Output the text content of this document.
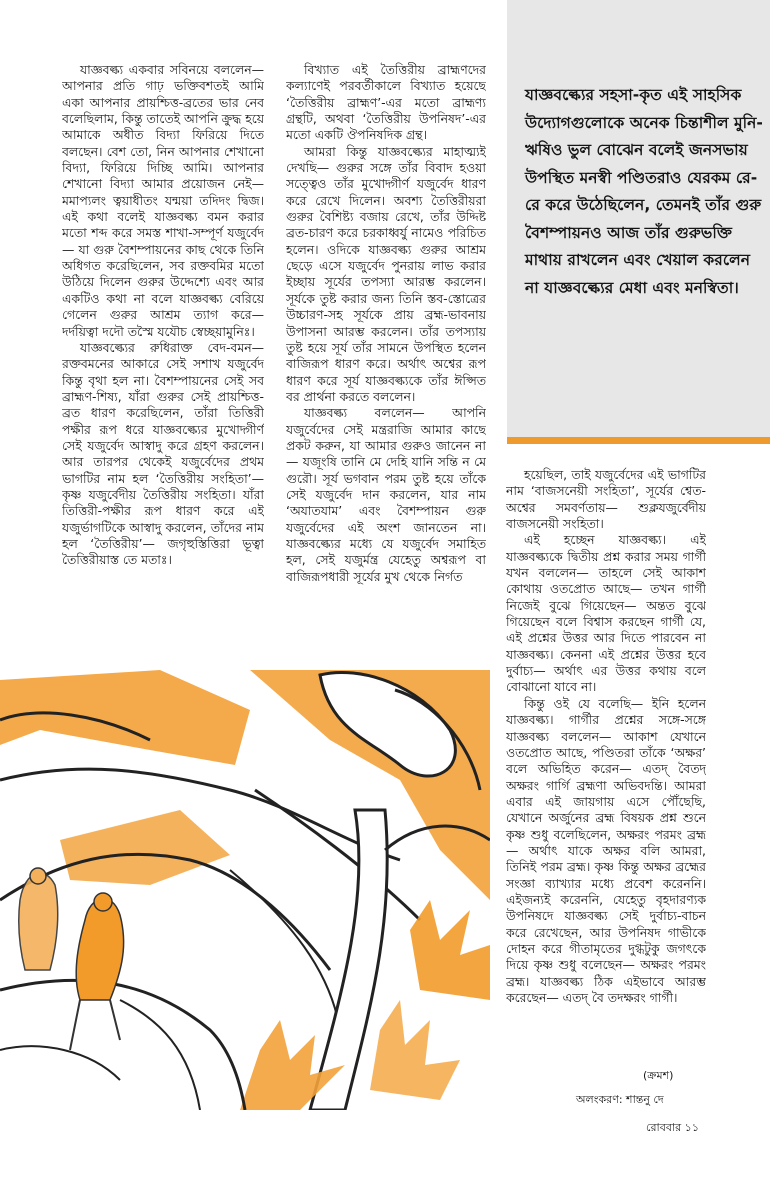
যাজ্ঞবল্ক্য একবার সবিনয়ে বললেন— আপনার প্রতি গাঢ় ভক্তিবশতই আমি একা আপনার প্রায়শ্চিত্ত-ব্রতের ভার নেব বলেছিলাম, কিন্তু তাতেই আপনি ক্রুদ্ধ হয়ে আমাকে অধীত বিদ্যা ফিরিয়ে দিতে বলছেন। বেশ তো, নিন আপনার শেখানো বিদ্যা, ফিরিয়ে দিচ্ছি আমি। আপনার শেখানো বিদ্যা আমার প্রয়োজন নেই— মমাপ্যলং ত্বয়াধীতং যন্ময়া তদিদং দ্বিজ। এই কথা বলেই যাজ্ঞবল্ক্য বমন করার মতো শব্দ করে সমস্ত শাখা-সম্পূর্ণ যজুর্বেদ— যা গুরু বৈশম্পায়নের কাছ থেকে তিনি অধিগত করেছিলেন, সব রক্তবমির মতো উঠিয়ে দিলেন গুরুর উদ্দেশ্যে এবং আর একটিও কথা না বলে যাজ্ঞবল্ক্য বেরিয়ে গেলেন গুরুর আশ্রম ত্যাগ করে— দর্দয়িত্বা দদৌ তস্মৈ যযৌচ স্বেচ্ছয়ামুনিঃ।

যাজ্ঞবল্ক্যের রুধিরাক্ত বেদ-বমন— রক্তবমনের আকারে সেই সশাখ যজুর্বেদ কিন্তু বৃথা হল না। বৈশম্পায়নের সেই সব ব্রাহ্মণ-শিষ্য, যাঁরা গুরুর সেই প্রায়শ্চিত্ত-ব্রত ধারণ করেছিলেন, তাঁরা তিত্তিরী পক্ষীর রূপ ধরে যাজ্ঞবল্ক্যের মুখোদ্গীর্ণ সেই যজুর্বেদ আস্বাদু করে গ্রহণ করলেন। আর তারপর থেকেই যজুর্বেদের প্রথম ভাগটির নাম হল ‘তৈত্তিরীয় সংহিতা’— কৃষ্ণ যজুর্বেদীয় তৈত্তিরীয় সংহিতা। যাঁরা তিত্তিরী-পক্ষীর রূপ ধারণ করে এই যজুর্ভাগটিকে আস্বাদু করলেন, তাঁদের নাম হল ‘তৈত্তিরীয়’— জগৃহুস্তিত্তিরা ভূত্বা তৈত্তিরীয়াস্ত তে মতাঃ।

বিখ্যাত এই তৈত্তিরীয় ব্রাহ্মণদের কল্যাণেই পরবর্তীকালে বিখ্যাত হয়েছে ‘তৈত্তিরীয় ব্রাহ্মণ’-এর মতো ব্রাহ্মণ্য গ্রন্থটি, অথবা ‘তৈত্তিরীয় উপনিষদ’-এর মতো একটি ঔপনিষদিক গ্রন্থ।

আমরা কিন্তু যাজ্ঞবল্ক্যের মাহাত্ম্যই দেখছি— গুরুর সঙ্গে তাঁর বিবাদ হওয়া সত্ত্বেও তাঁর মুখোদ্গীর্ণ যজুর্বেদ ধারণ করে রেখে দিলেন। অবশ্য তৈত্তিরীয়রা গুরুর বৈশিষ্ট্য বজায় রেখে, তাঁর উদ্দিষ্ট ব্রত-চারণ করে চরকাধ্বর্যু নামেও পরিচিত হলেন। ওদিকে যাজ্ঞবল্ক্য গুরুর আশ্রম ছেড়ে এসে যজুর্বেদ পুনরায় লাভ করার ইচ্ছায় সূর্যের তপস্যা আরম্ভ করলেন। সূর্যকে তুষ্ট করার জন্য তিনি স্তব-স্তোত্রের উচ্চারণ-সহ সূর্যকে প্রায় ব্রহ্ম-ভাবনায় উপাসনা আরম্ভ করলেন। তাঁর তপস্যায় তুষ্ট হয়ে সূর্য তাঁর সামনে উপস্থিত হলেন বাজিরূপ ধারণ করে। অর্থাৎ অশ্বের রূপ ধারণ করে সূর্য যাজ্ঞবল্ক্যকে তাঁর ঈপ্সিত বর প্রার্থনা করতে বললেন।

যাজ্ঞবল্ক্য বললেন— আপনি যজুর্বেদের সেই মন্ত্ররাজি আমার কাছে প্রকট করুন, যা আমার গুরুও জানেন না— যজূংষি তানি মে দেহি যানি সন্তি ন মে গুরৌ। সূর্য ভগবান পরম তুষ্ট হয়ে তাঁকে সেই যজুর্বেদ দান করলেন, যার নাম ‘অযাতযাম’ এবং বৈশম্পায়ন গুরু যজুর্বেদের এই অংশ জানতেন না। যাজ্ঞবল্ক্যের মধ্যে যে যজুর্বেদ সমাহিত হল, সেই যজুর্মন্ত্র যেহেতু অশ্বরূপ বা বাজিরূপধারী সূর্যের মুখ থেকে নির্গত

যাজ্ঞবল্ক্যের সহসা-কৃত এই সাহসিক উদ্যোগগুলোকে অনেক চিন্তাশীল মুনি-ঋষিও ভুল বোঝেন বলেই জনসভায় উপস্থিত মনস্বী পণ্ডিতরাও যেরকম রে-রে করে উঠেছিলেন, তেমনই তাঁর গুরু বৈশম্পায়নও আজ তাঁর গুরুভক্তি মাথায় রাখলেন এবং খেয়াল করলেন না যাজ্ঞবল্ক্যের মেধা এবং মনস্বিতা।

হয়েছিল, তাই যজুর্বেদের এই ভাগটির নাম ‘বাজসনেয়ী সংহিতা’, সূর্যের শ্বেত-অশ্বের সমবর্ণতায়— শুক্লযজুর্বেদীয় বাজসনেয়ী সংহিতা।

এই হচ্ছেন যাজ্ঞবল্ক্য। এই যাজ্ঞবল্ক্যকে দ্বিতীয় প্রশ্ন করার সময় গার্গী যখন বললেন— তাহলে সেই আকাশ কোথায় ওতপ্রোত আছে— তখন গার্গী নিজেই বুঝে গিয়েছেন— অন্তত বুঝে গিয়েছেন বলে বিশ্বাস করছেন গার্গী যে, এই প্রশ্নের উত্তর আর দিতে পারবেন না যাজ্ঞবল্ক্য। কেননা এই প্রশ্নের উত্তর হবে দুর্বাচ্য— অর্থাৎ এর উত্তর কথায় বলে বোঝানো যাবে না।

কিন্তু ওই যে বলেছি— ইনি হলেন যাজ্ঞবল্ক্য। গার্গীর প্রশ্নের সঙ্গে-সঙ্গে যাজ্ঞবল্ক্য বললেন— আকাশ যেখানে ওতপ্রোত আছে, পণ্ডিতরা তাঁকে ‘অক্ষর’ বলে অভিহিত করেন— এতদ্ বৈতদ্ অক্ষরং গার্গি ব্রহ্মণা অভিবদন্তি। আমরা এবার এই জায়গায় এসে পৌঁছেছি, যেখানে অর্জুনের ব্রহ্ম বিষয়ক প্রশ্ন শুনে কৃষ্ণ শুধু বলেছিলেন, অক্ষরং পরমং ব্রহ্ম— অর্থাৎ যাকে অক্ষর বলি আমরা, তিনিই পরম ব্রহ্ম। কৃষ্ণ কিন্তু অক্ষর ব্রহ্মের সংজ্ঞা ব্যাখ্যার মধ্যে প্রবেশ করেননি। এইজন্যই করেননি, যেহেতু বৃহদারণ্যক উপনিষদে যাজ্ঞবল্ক্য সেই দুর্বাচ্য-বাচন করে রেখেছেন, আর উপনিষদ গাভীকে দোহন করে গীতামৃতের দুগ্ধটুকু জগৎকে দিয়ে কৃষ্ণ শুধু বলেছেন— অক্ষরং পরমং ব্রহ্ম। যাজ্ঞবল্ক্য ঠিক এইভাবে আরম্ভ করেছেন— এতদ্ বৈ তদক্ষরং গার্গী।

(ক্রমশ)
অলংকরণ: শান্তনু দে
রোববার ১১
